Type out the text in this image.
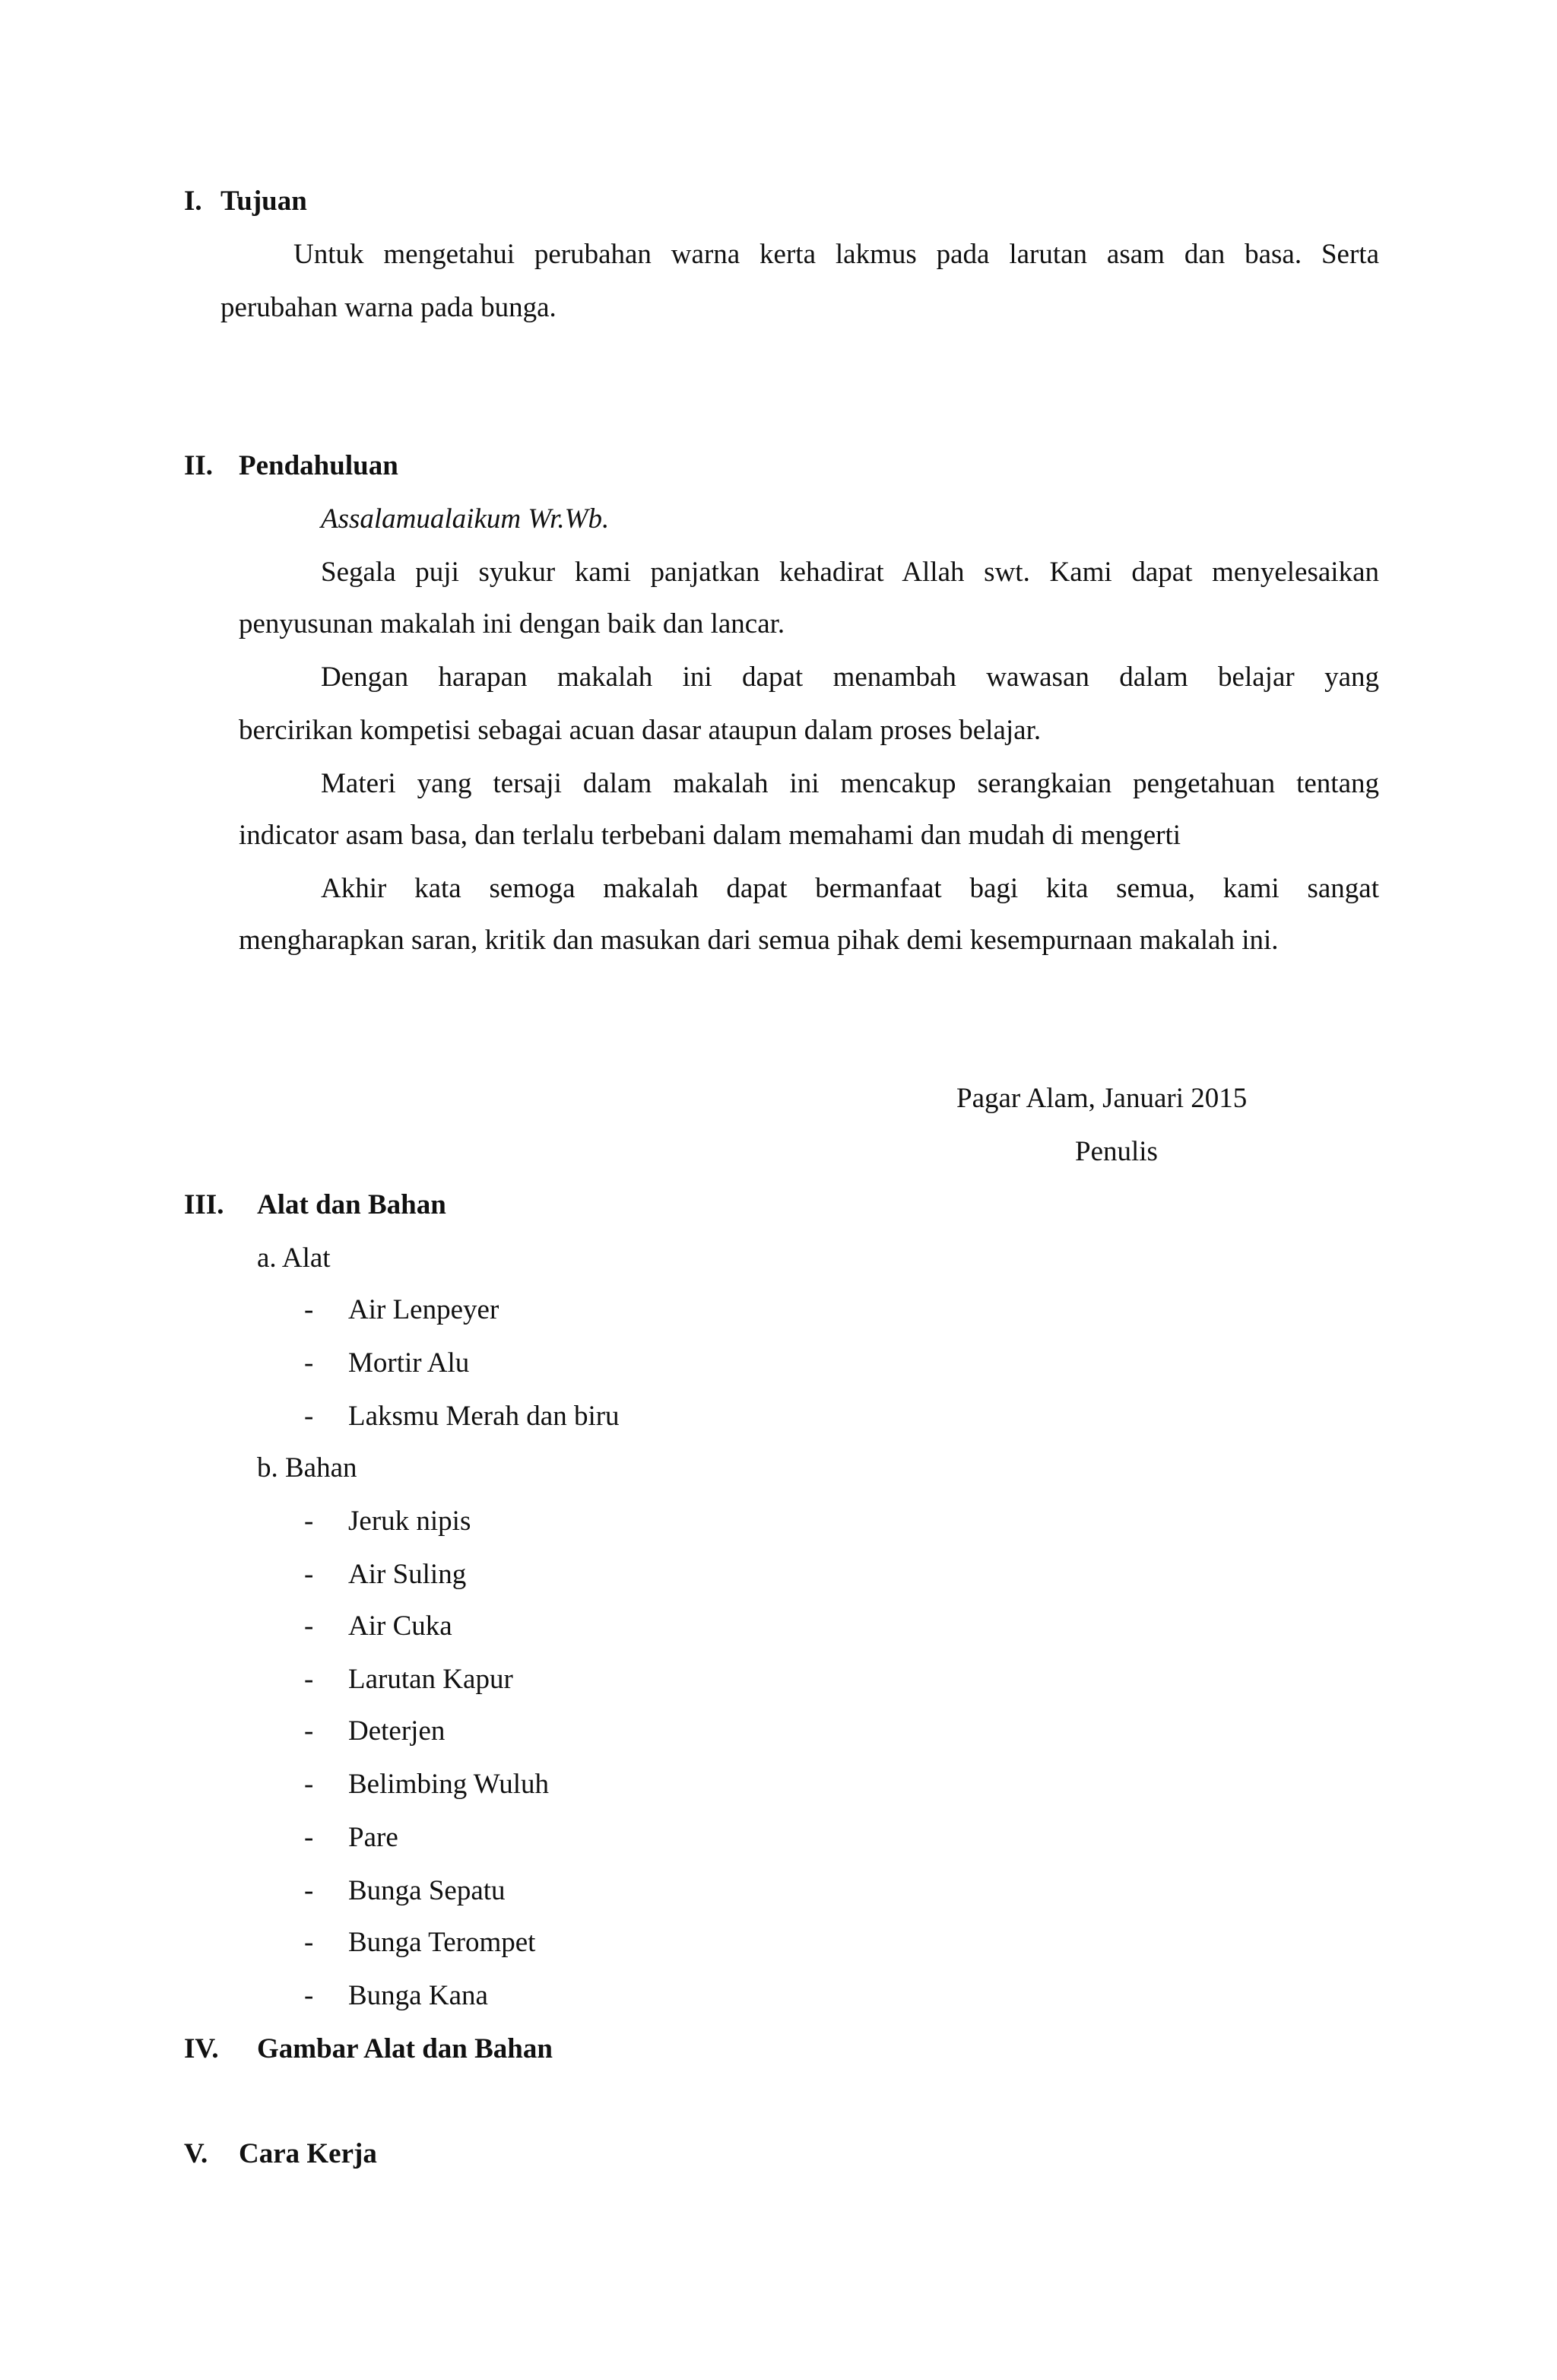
I. Tujuan
Untuk mengetahui perubahan warna kerta lakmus pada larutan asam dan basa. Serta
perubahan warna pada bunga.
II. Pendahuluan
Assalamualaikum Wr.Wb.
Segala puji syukur kami panjatkan kehadirat Allah swt. Kami dapat menyelesaikan
penyusunan makalah ini dengan baik dan lancar.
Dengan harapan makalah ini dapat menambah wawasan dalam belajar yang
bercirikan kompetisi sebagai acuan dasar ataupun dalam proses belajar.
Materi yang tersaji dalam makalah ini mencakup serangkaian pengetahuan tentang
indicator asam basa, dan terlalu terbebani dalam memahami dan mudah di mengerti
Akhir kata semoga makalah dapat bermanfaat bagi kita semua, kami sangat
mengharapkan saran, kritik dan masukan dari semua pihak demi kesempurnaan makalah ini.
Pagar Alam, Januari 2015
Penulis
III. Alat dan Bahan
a. Alat
- Air Lenpeyer
- Mortir Alu
- Laksmu Merah dan biru
b. Bahan
- Jeruk nipis
- Air Suling
- Air Cuka
- Larutan Kapur
- Deterjen
- Belimbing Wuluh
- Pare
- Bunga Sepatu
- Bunga Terompet
- Bunga Kana
IV. Gambar Alat dan Bahan
V. Cara Kerja
